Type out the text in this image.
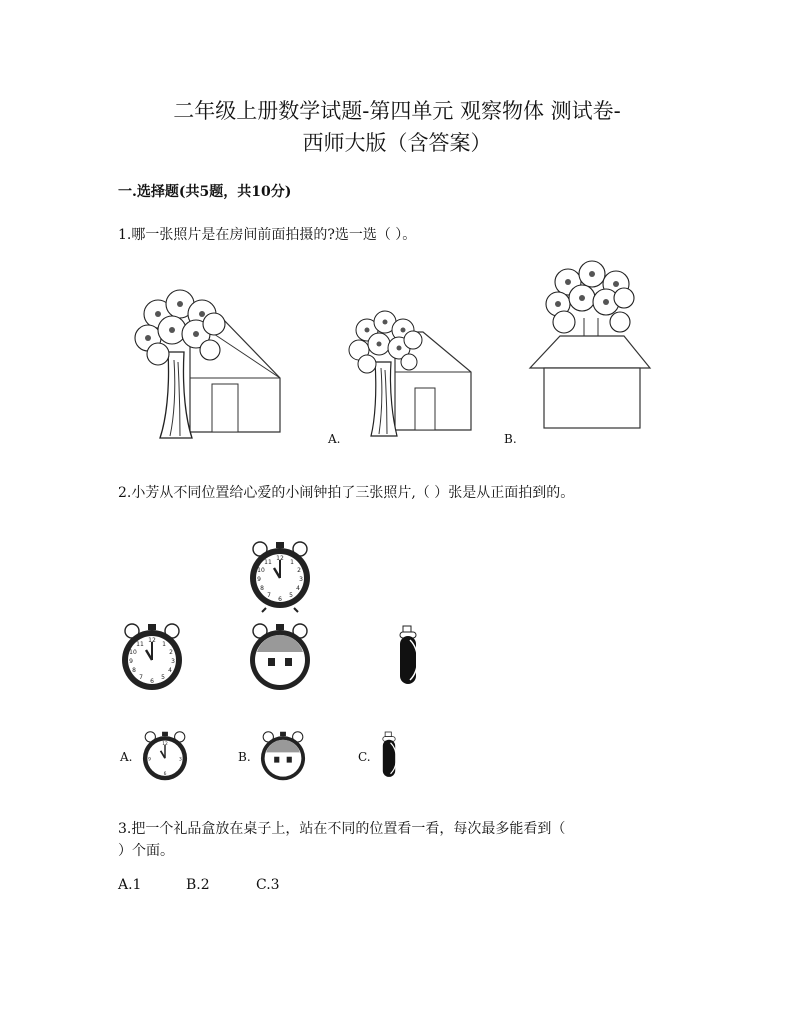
二年级上册数学试题-第四单元 观察物体 测试卷-
西师大版（含答案）
一.选择题(共5题，共10分)
1.哪一张照片是在房间前面拍摄的?选一选（ ）。
A.	B.
2.小芳从不同位置给心爱的小闹钟拍了三张照片,（ ）张是从正面拍到的。
12
1
2
3
4
5
6
7
8
9
10
11
12
1
2
3
4
5
6
7
8
9
10
11
A.
12
3
6
9	B.	C.
3.把一个礼品盒放在桌子上，站在不同的位置看一看，每次最多能看到（
）个面。
A.1	B.2	C.3
